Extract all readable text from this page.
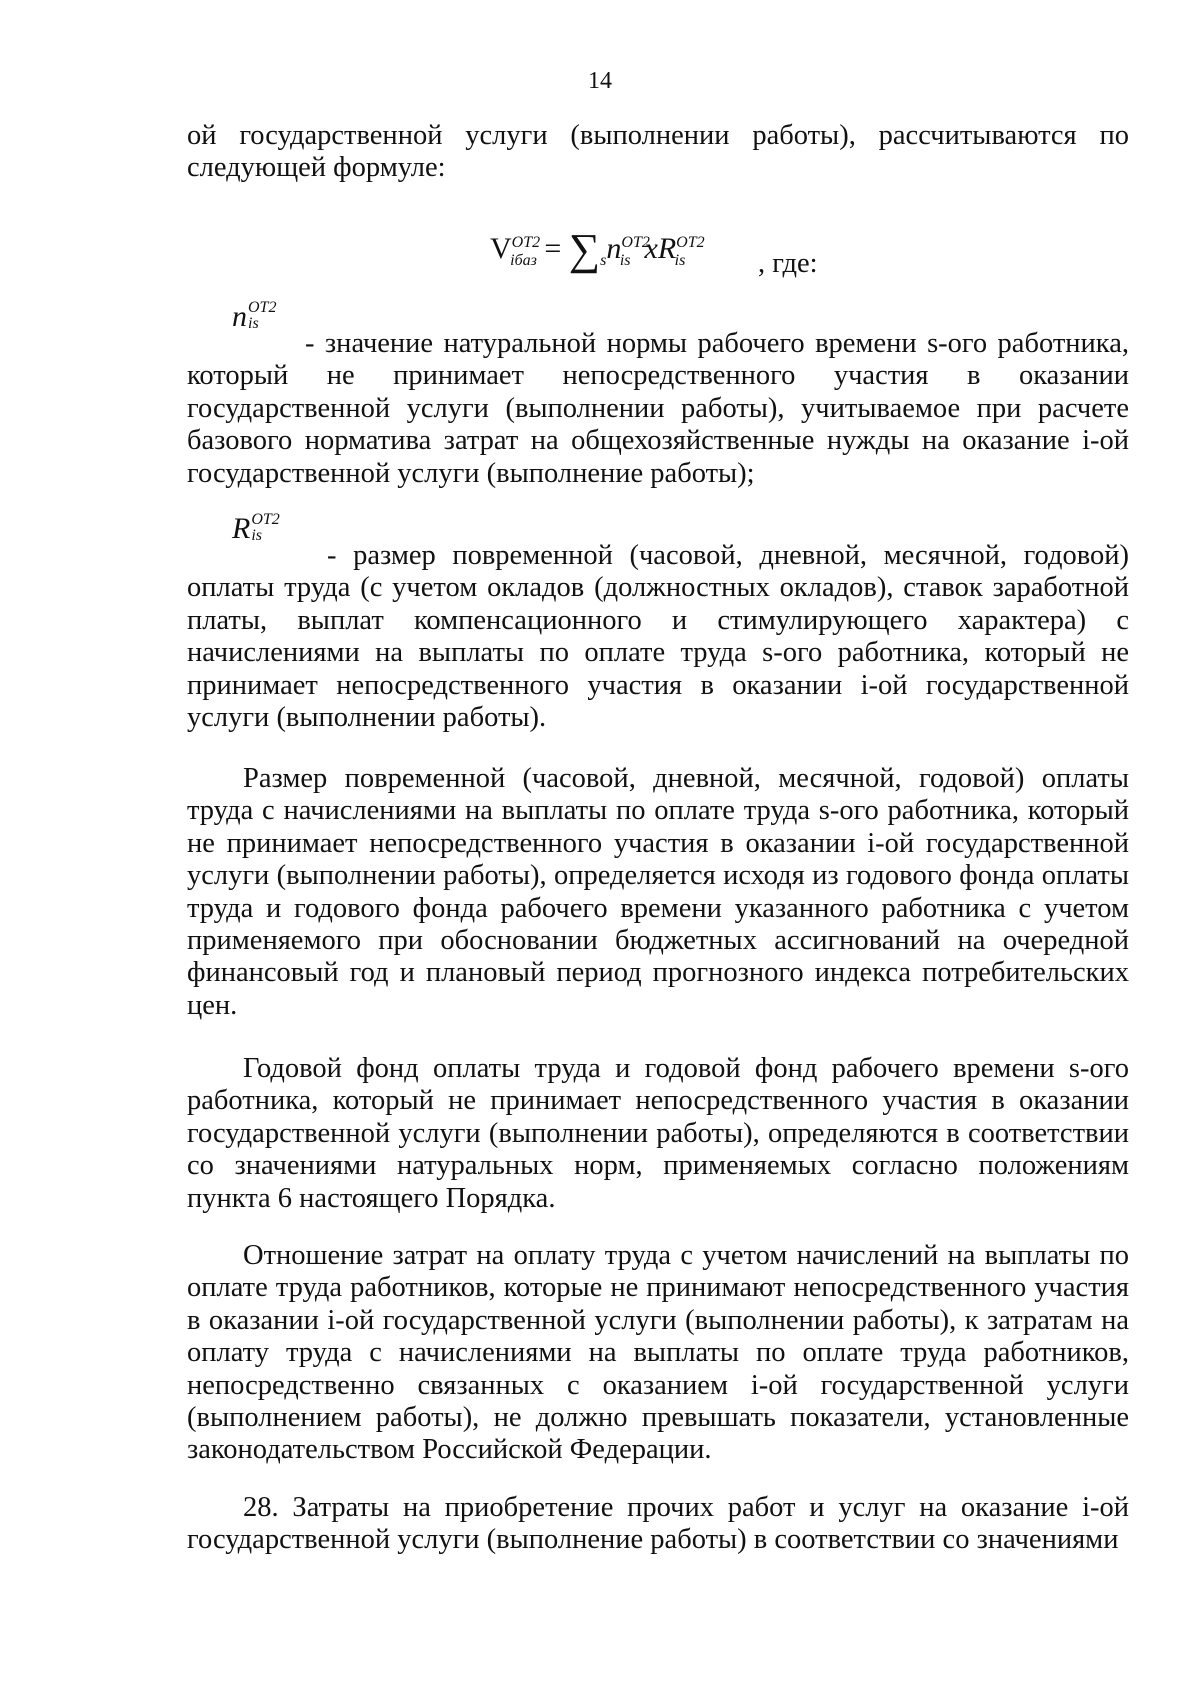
14
ой государственной услуги (выполнении работы), рассчитываются по следующей формуле:
$V^{ОТ2}_{iбаз} = \sum_sn^{ОТ2}_{is}$ $xR^{ОТ2}_{is}$	, где:
nОТ2
is
- значение натуральной нормы рабочего времени s-ого работника, который не принимает непосредственного участия в оказании государственной услуги (выполнении работы), учитываемое при расчете базового норматива затрат на общехозяйственные нужды на оказание i-ой государственной услуги (выполнение работы);
RОТ2
is
- размер повременной (часовой, дневной, месячной, годовой) оплаты труда (с учетом окладов (должностных окладов), ставок заработной платы, выплат компенсационного и стимулирующего характера) с начислениями на выплаты по оплате труда s-ого работника, который не принимает непосредственного участия в оказании i-ой государственной услуги (выполнении работы).
Размер повременной (часовой, дневной, месячной, годовой) оплаты труда с начислениями на выплаты по оплате труда s-ого работника, который не принимает непосредственного участия в оказании i-ой государственной услуги (выполнении работы), определяется исходя из годового фонда оплаты труда и годового фонда рабочего времени указанного работника с учетом применяемого при обосновании бюджетных ассигнований на очередной финансовый год и плановый период прогнозного индекса потребительских цен.
Годовой фонд оплаты труда и годовой фонд рабочего времени s-ого работника, который не принимает непосредственного участия в оказании государственной услуги (выполнении работы), определяются в соответствии со значениями натуральных норм, применяемых согласно положениям пункта 6 настоящего Порядка.
Отношение затрат на оплату труда с учетом начислений на выплаты по оплате труда работников, которые не принимают непосредственного участия в оказании i-ой государственной услуги (выполнении работы), к затратам на оплату труда с начислениями на выплаты по оплате труда работников, непосредственно связанных с оказанием i-ой государственной услуги (выполнением работы), не должно превышать показатели, установленные законодательством Российской Федерации.
28. Затраты на приобретение прочих работ и услуг на оказание i-ой государственной услуги (выполнение работы) в соответствии со значениями
